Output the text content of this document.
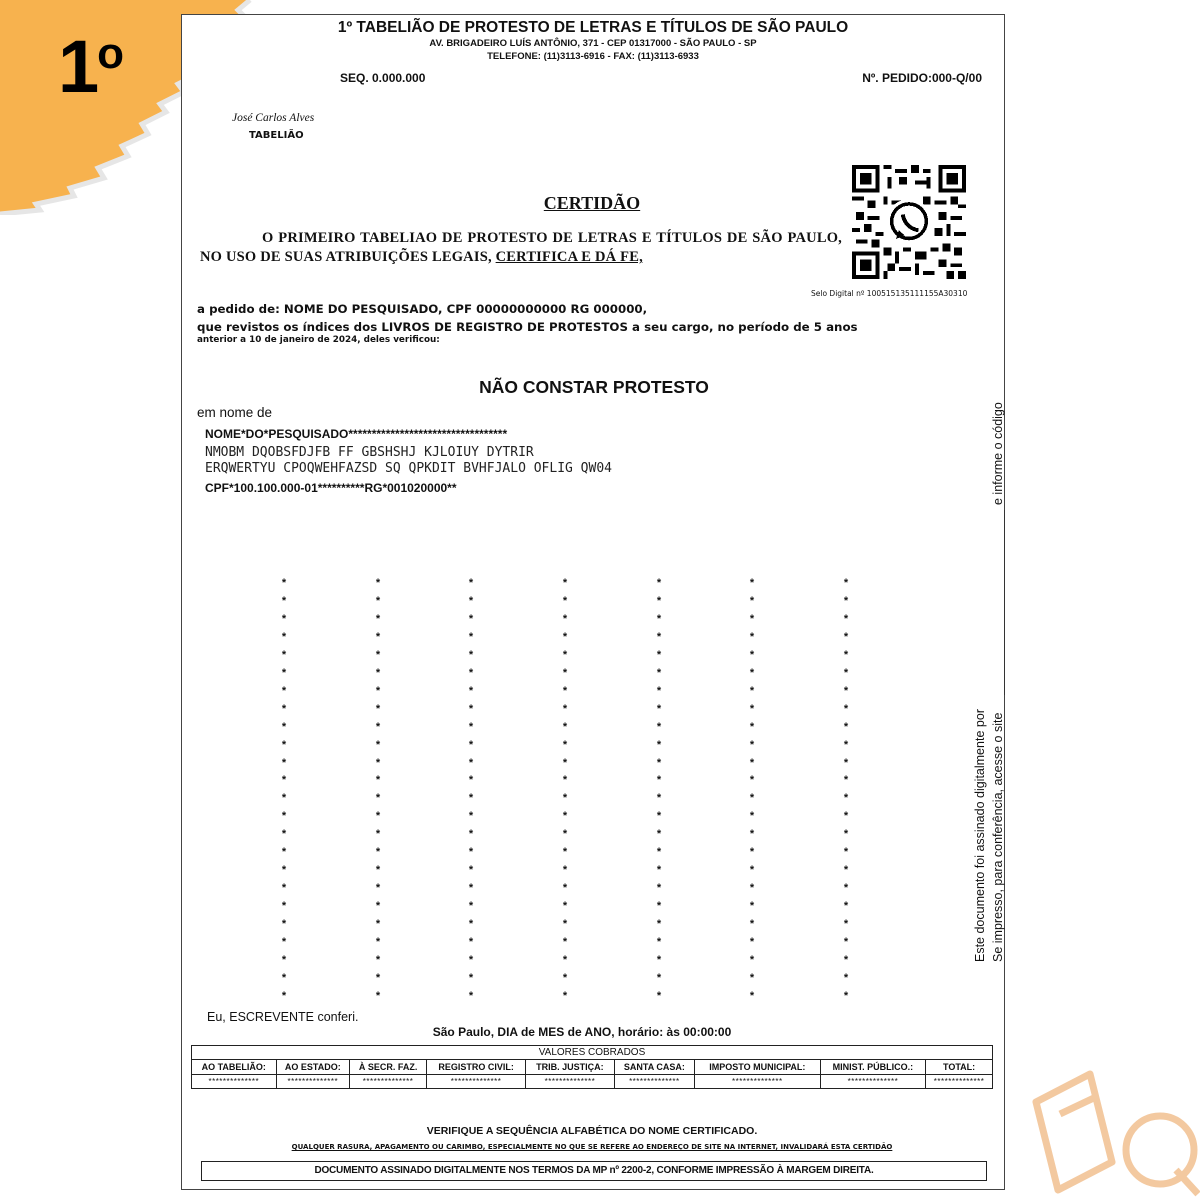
1$^o$
1º TABELIÃO DE PROTESTO DE LETRAS E TÍTULOS DE SÃO PAULO
AV. BRIGADEIRO LUÍS ANTÔNIO, 371 - CEP 01317000 - SÃO PAULO - SP
TELEFONE: (11)3113-6916 - FAX: (11)3113-6933
SEQ. 0.000.000	Nº. PEDIDO:000-Q/00
José Carlos Alves
TABELIÃO
Selo Digital nº 100515135111155A30310
CERTIDÃO
O PRIMEIRO TABELIAO DE PROTESTO DE LETRAS E TÍTULOS DE SÃO PAULO, NO USO DE SUAS ATRIBUIÇÕES LEGAIS, CERTIFICA E DÁ FE,
a pedido de: NOME DO PESQUISADO, CPF 00000000000 RG 000000,
que revistos os índices dos LIVROS DE REGISTRO DE PROTESTOS a seu cargo, no período de 5 anos
anterior a 10 de janeiro de 2024, deles verificou:
NÃO CONSTAR PROTESTO
em nome de
NOME*DO*PESQUISADO**********************************
NMOBM DQOBSFDJFB FF GBSHSHJ KJLOIUY DYTRIR
ERQWERTYU CPOQWEHFAZSD SQ QPKDIT BVHFJALO OFLIG QW04
CPF*100.100.000-01**********RG*001020000**
*
*
*
*
*
*
*
*
*
*
*
*
*
*
*
*
*
*
*
*
*
*
*
*
*
*
*
*
*
*
*
*
*
*
*
*
*
*
*
*
*
*
*
*
*
*
*
*
*
*
*
*
*
*
*
*
*
*
*
*
*
*
*
*
*
*
*
*
*
*
*
*
*
*
*
*
*
*
*
*
*
*
*
*
*
*
*
*
*
*
*
*
*
*
*
*
*
*
*
*
*
*
*
*
*
*
*
*
*
*
*
*
*
*
*
*
*
*
*
*
*
*
*
*
*
*
*
*
*
*
*
*
*
*
*
*
*
*
*
*
*
*
*
*
*
*
*
*
*
*
*
*
*
*
*
*
*
*
*
*
*
*
*
*
*
*
*
*
Eu, ESCREVENTE conferi.
São Paulo, DIA de MES de ANO, horário: às 00:00:00
VALORES COBRADOS								
AO TABELIÃO:	AO ESTADO:	À SECR. FAZ.	REGISTRO CIVIL:	TRIB. JUSTIÇA:	SANTA CASA:	IMPOSTO MUNICIPAL:	MINIST. PÚBLICO.:	TOTAL:
**************	**************	**************	**************	**************	**************	**************	**************	**************
VERIFIQUE A SEQUÊNCIA ALFABÉTICA DO NOME CERTIFICADO.
QUALQUER RASURA, APAGAMENTO OU CARIMBO, ESPECIALMENTE NO QUE SE REFERE AO ENDEREÇO DE SITE NA INTERNET, INVALIDARÁ ESTA CERTIDÃO
DOCUMENTO ASSINADO DIGITALMENTE NOS TERMOS DA MP nº 2200-2, CONFORME IMPRESSÃO À MARGEM DIREITA.
Este documento foi assinado digitalmente por Se impresso, para conferência, acesse o site
e informe o código
